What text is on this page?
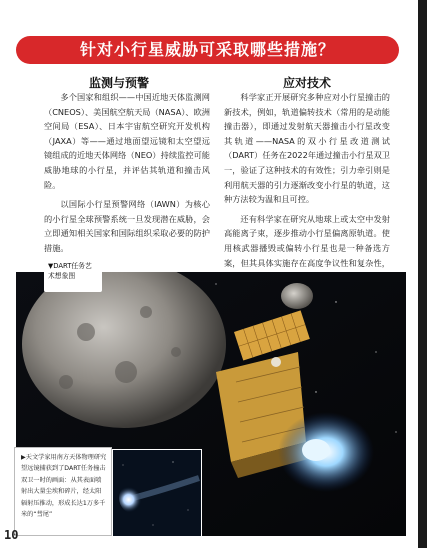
针对小行星威胁可采取哪些措施？
监测与预警

多个国家和组织——中国近地天体监测网（CNEOS）、美国航空航天局（NASA）、欧洲空间局（ESA）、日本宇宙航空研究开发机构（JAXA）等——通过地面望远镜和太空望远镜组成的近地天体网络（NEO）持续监控可能威胁地球的小行星，并评估其轨道和撞击风险。

以国际小行星预警网络（IAWN）为核心的小行星全球预警系统一旦发现潜在威胁，会立即通知相关国家和国际组织采取必要的防护措施。

应对技术

科学家正开展研究多种应对小行星撞击的新技术，例如，轨道偏转技术（常用的是动能撞击器），即通过发射航天器撞击小行星改变其轨道——NASA的双小行星改道测试（DART）任务在2022年通过撞击小行星双卫一，验证了这种技术的有效性；引力牵引则是利用航天器的引力逐渐改变小行星的轨道，这种方法较为温和且可控。

还有科学家在研究从地球上或太空中发射高能离子束，逐步推动小行星偏离原轨道。使用核武器播毁或偏转小行星也是一种备选方案，但其具体实施存在高度争议性和复杂性，

▼DART任务艺术想象图
▶天文学家用南方天体物理研究望远镜捕获到了DART任务撞击双卫一时的画面：从其表面喷射出大量尘埃和碎片，经太阳辐射压推动，形成长达1万多千米的“彗尾”
10
